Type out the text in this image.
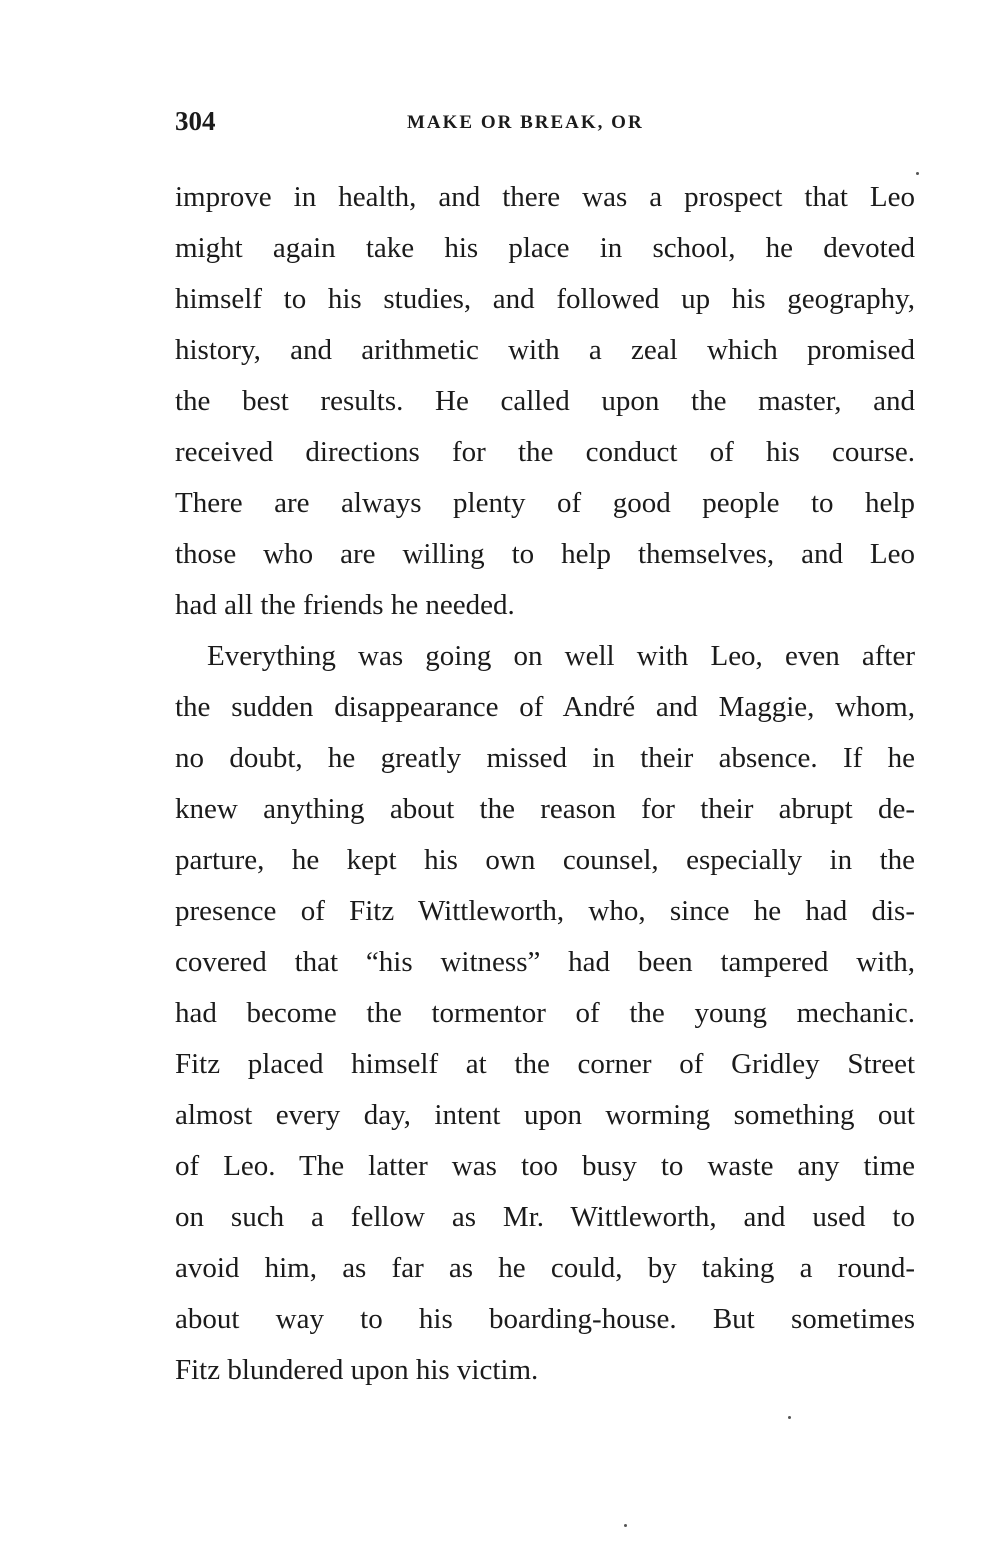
304	MAKE OR BREAK, OR
improve in health, and there was a prospect that Leo
might again take his place in school, he devoted
himself to his studies, and followed up his geography,
history, and arithmetic with a zeal which promised
the best results. He called upon the master, and
received directions for the conduct of his course.
There are always plenty of good people to help
those who are willing to help themselves, and Leo
had all the friends he needed.
Everything was going on well with Leo, even after
the sudden disappearance of André and Maggie, whom,
no doubt, he greatly missed in their absence. If he
knew anything about the reason for their abrupt de-
parture, he kept his own counsel, especially in the
presence of Fitz Wittleworth, who, since he had dis-
covered that “his witness” had been tampered with,
had become the tormentor of the young mechanic.
Fitz placed himself at the corner of Gridley Street
almost every day, intent upon worming something out
of Leo. The latter was too busy to waste any time
on such a fellow as Mr. Wittleworth, and used to
avoid him, as far as he could, by taking a round-
about way to his boarding-house. But sometimes
Fitz blundered upon his victim.
